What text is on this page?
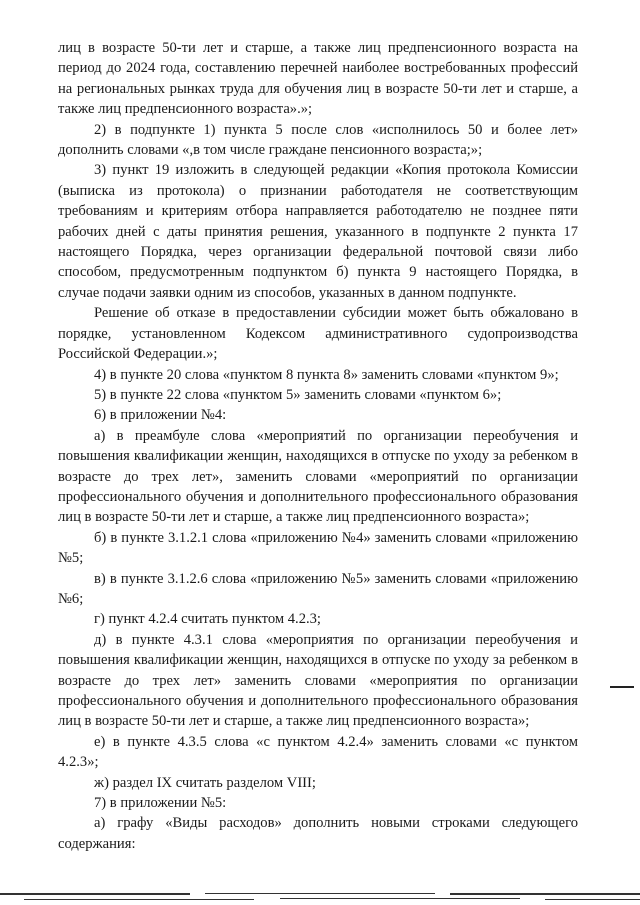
лиц в возрасте 50-ти лет и старше, а также лиц предпенсионного возраста на период до 2024 года, составлению перечней наиболее востребованных профессий на региональных рынках труда для обучения лиц в возрасте 50-ти лет и старше, а также лиц предпенсионного возраста».»;

2) в подпункте 1) пункта 5 после слов «исполнилось 50 и более лет» дополнить словами «,в том числе граждане пенсионного возраста;»;

3) пункт 19 изложить в следующей редакции «Копия протокола Комиссии (выписка из протокола) о признании работодателя не соответствующим требованиям и критериям отбора направляется работодателю не позднее пяти рабочих дней с даты принятия решения, указанного в подпункте 2 пункта 17 настоящего Порядка, через организации федеральной почтовой связи либо способом, предусмотренным подпунктом б) пункта 9 настоящего Порядка, в случае подачи заявки одним из способов, указанных в данном подпункте.

Решение об отказе в предоставлении субсидии может быть обжаловано в порядке, установленном Кодексом административного судопроизводства Российской Федерации.»;

4) в пункте 20 слова «пунктом 8 пункта 8» заменить словами «пунктом 9»;

5) в пункте 22 слова «пунктом 5» заменить словами «пунктом 6»;

6) в приложении №4:

а) в преамбуле слова «мероприятий по организации переобучения и повышения квалификации женщин, находящихся в отпуске по уходу за ребенком в возрасте до трех лет», заменить словами «мероприятий по организации профессионального обучения и дополнительного профессионального образования лиц в возрасте 50-ти лет и старше, а также лиц предпенсионного возраста»;

б) в пункте 3.1.2.1 слова «приложению №4» заменить словами «приложению №5;

в) в пункте 3.1.2.6 слова «приложению №5» заменить словами «приложению №6;

г) пункт 4.2.4 считать пунктом 4.2.3;

д) в пункте 4.3.1 слова «мероприятия по организации переобучения и повышения квалификации женщин, находящихся в отпуске по уходу за ребенком в возрасте до трех лет» заменить словами «мероприятия по организации профессионального обучения и дополнительного профессионального образования лиц в возрасте 50-ти лет и старше, а также лиц предпенсионного возраста»;

е) в пункте 4.3.5 слова «с пунктом 4.2.4» заменить словами «с пунктом 4.2.3»;

ж) раздел IX считать разделом VIII;

7) в приложении №5:

а) графу «Виды расходов» дополнить новыми строками следующего содержания:
